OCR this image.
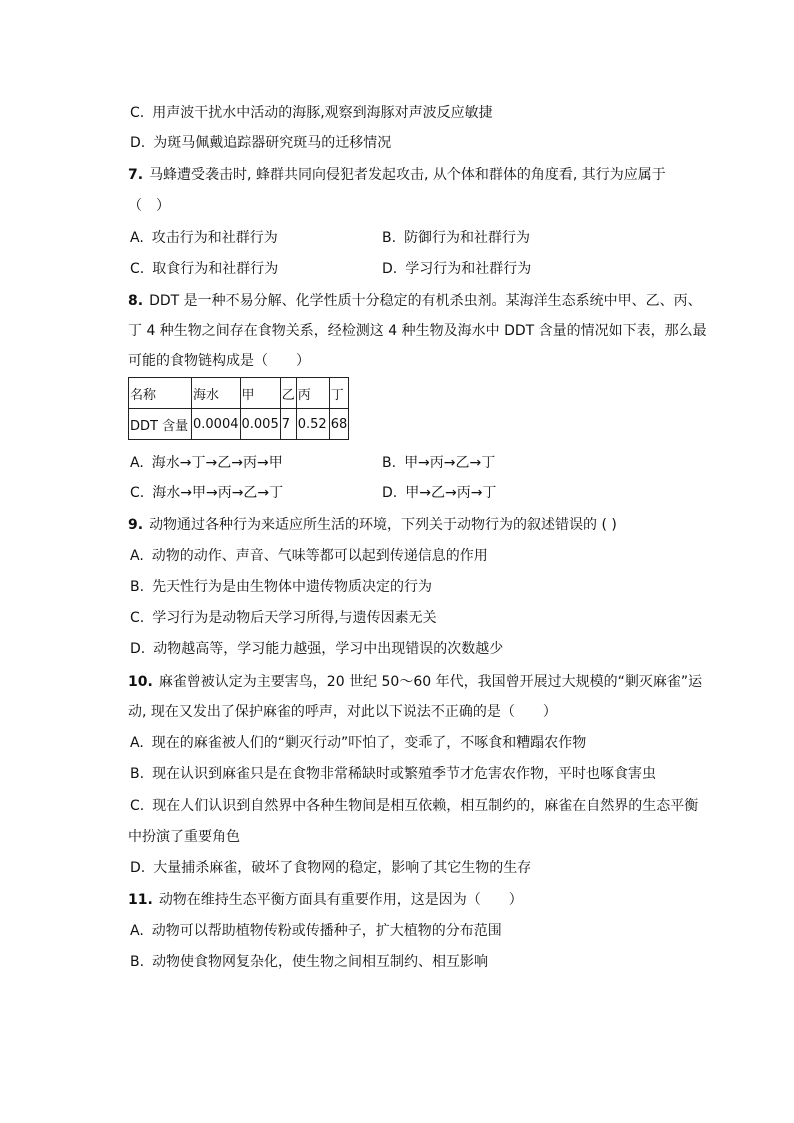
C. 用声波干扰水中活动的海豚,观察到海豚对声波反应敏捷
D. 为斑马佩戴追踪器研究斑马的迁移情况
7. 马蜂遭受袭击时, 蜂群共同向侵犯者发起攻击, 从个体和群体的角度看, 其行为应属于
（　）
A. 攻击行为和社群行为	B. 防御行为和社群行为
C. 取食行为和社群行为	D. 学习行为和社群行为
8. DDT 是一种不易分解、化学性质十分稳定的有机杀虫剂。某海洋生态系统中甲、乙、丙、
丁 4 种生物之间存在食物关系，经检测这 4 种生物及海水中 DDT 含量的情况如下表，那么最
可能的食物链构成是（　　）
名称	海水	甲	乙	丙	丁
DDT 含量	0.0004	0.005	7	0.52	68
A. 海水→丁→乙→丙→甲	B. 甲→丙→乙→丁
C. 海水→甲→丙→乙→丁	D. 甲→乙→丙→丁
9. 动物通过各种行为来适应所生活的环境，下列关于动物行为的叙述错误的 ( )
A. 动物的动作、声音、气味等都可以起到传递信息的作用
B. 先天性行为是由生物体中遗传物质决定的行为
C. 学习行为是动物后天学习所得,与遗传因素无关
D. 动物越高等，学习能力越强，学习中出现错误的次数越少
10. 麻雀曾被认定为主要害鸟，20 世纪 50～60 年代，我国曾开展过大规模的“剿灭麻雀”运
动, 现在又发出了保护麻雀的呼声，对此以下说法不正确的是（　　）
A. 现在的麻雀被人们的“剿灭行动”吓怕了，变乖了，不啄食和糟蹋农作物
B. 现在认识到麻雀只是在食物非常稀缺时或繁殖季节才危害农作物，平时也啄食害虫
C. 现在人们认识到自然界中各种生物间是相互依赖，相互制约的，麻雀在自然界的生态平衡
中扮演了重要角色
D. 大量捕杀麻雀，破坏了食物网的稳定，影响了其它生物的生存
11. 动物在维持生态平衡方面具有重要作用，这是因为（　　）
A. 动物可以帮助植物传粉或传播种子，扩大植物的分布范围
B. 动物使食物网复杂化，使生物之间相互制约、相互影响
